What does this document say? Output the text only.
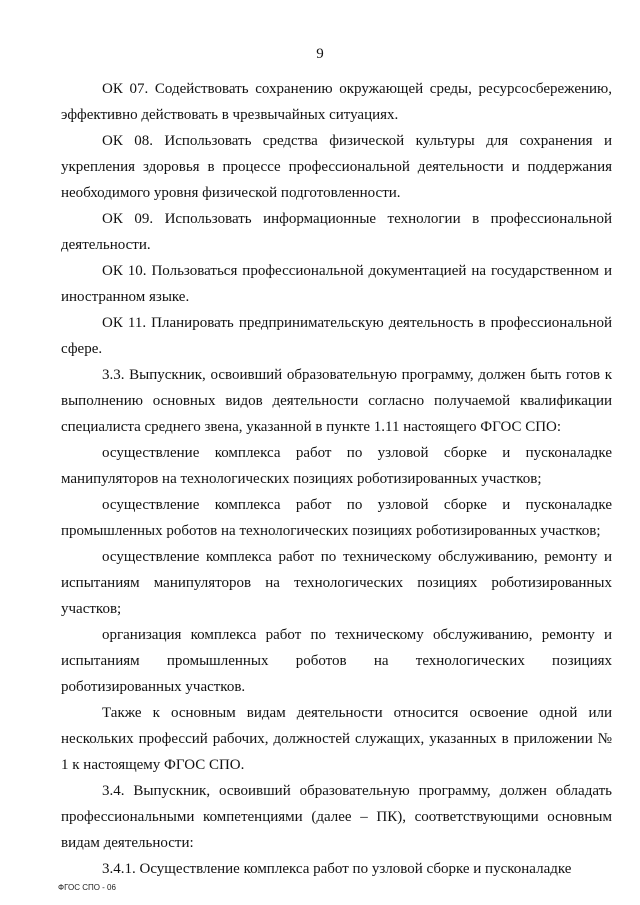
9

ОК 07. Содействовать сохранению окружающей среды, ресурсосбережению, эффективно действовать в чрезвычайных ситуациях.

ОК 08. Использовать средства физической культуры для сохранения и укрепления здоровья в процессе профессиональной деятельности и поддержания необходимого уровня физической подготовленности.

ОК 09. Использовать информационные технологии в профессиональной деятельности.

ОК 10. Пользоваться профессиональной документацией на государственном и иностранном языке.

ОК 11. Планировать предпринимательскую деятельность в профессиональной сфере.

3.3. Выпускник, освоивший образовательную программу, должен быть готов к выполнению основных видов деятельности согласно получаемой квалификации специалиста среднего звена, указанной в пункте 1.11 настоящего ФГОС СПО:

осуществление комплекса работ по узловой сборке и пусконаладке манипуляторов на технологических позициях роботизированных участков;

осуществление комплекса работ по узловой сборке и пусконаладке промышленных роботов на технологических позициях роботизированных участков;

осуществление комплекса работ по техническому обслуживанию, ремонту и испытаниям манипуляторов на технологических позициях роботизированных участков;

организация комплекса работ по техническому обслуживанию, ремонту и испытаниям промышленных роботов на технологических позициях роботизированных участков.

Также к основным видам деятельности относится освоение одной или нескольких профессий рабочих, должностей служащих, указанных в приложении № 1 к настоящему ФГОС СПО.

3.4. Выпускник, освоивший образовательную программу, должен обладать профессиональными компетенциями (далее – ПК), соответствующими основным видам деятельности:

3.4.1. Осуществление комплекса работ по узловой сборке и пусконаладке

ФГОС СПО - 06
